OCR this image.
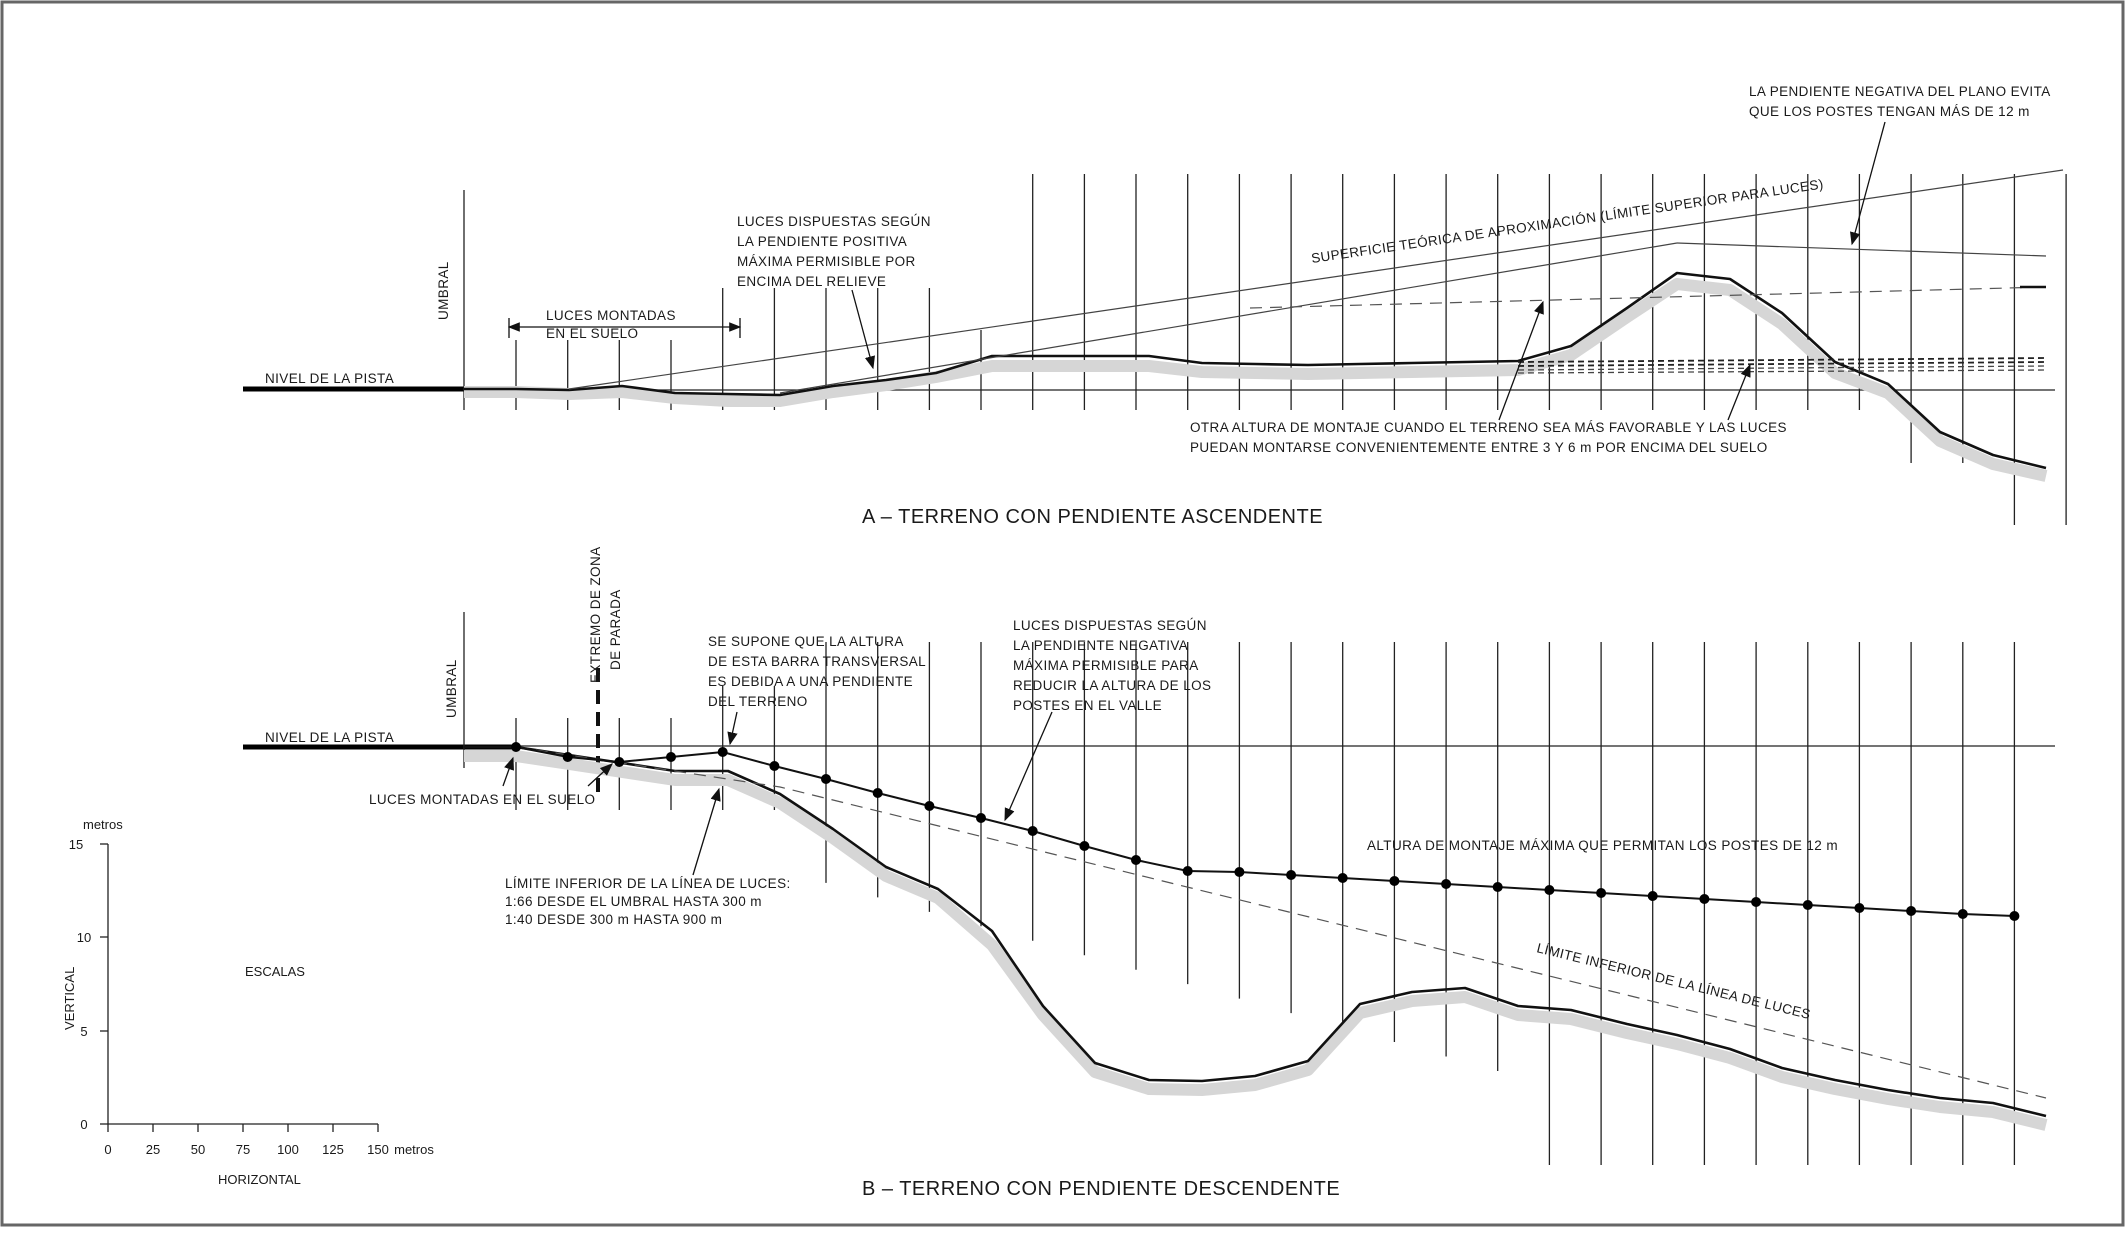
NIVEL DE LA PISTA
UMBRAL	LUCES MONTADAS
EN EL SUELO
LUCES DISPUESTAS SEGÚN
LA PENDIENTE POSITIVA
MÁXIMA PERMISIBLE POR
ENCIMA DEL RELIEVE
SUPERFICIE TEÓRICA DE APROXIMACIÓN (LÍMITE SUPERIOR PARA LUCES)
LA PENDIENTE NEGATIVA DEL PLANO EVITA
QUE LOS POSTES TENGAN MÁS DE 12 m
OTRA ALTURA DE MONTAJE CUANDO EL TERRENO SEA MÁS FAVORABLE Y LAS LUCES
PUEDAN MONTARSE CONVENIENTEMENTE ENTRE 3 Y 6 m POR ENCIMA DEL SUELO
A – TERRENO CON PENDIENTE ASCENDENTE
NIVEL DE LA PISTA
UMBRAL
EXTREMO DE ZONA DE PARADA	SE SUPONE QUE LA ALTURA
DE ESTA BARRA TRANSVERSAL
ES DEBIDA A UNA PENDIENTE
DEL TERRENO
LUCES DISPUESTAS SEGÚN
LA PENDIENTE NEGATIVA
MÁXIMA PERMISIBLE PARA
REDUCIR LA ALTURA DE LOS
POSTES EN EL VALLE
LUCES MONTADAS EN EL SUELO
LÍMITE INFERIOR DE LA LÍNEA DE LUCES:
1:66 DESDE EL UMBRAL HASTA 300 m
1:40 DESDE 300 m HASTA 900 m
ALTURA DE MONTAJE MÁXIMA QUE PERMITAN LOS POSTES DE 12 m
LÍMITE INFERIOR DE LA LÍNEA DE LUCES
B – TERRENO CON PENDIENTE DESCENDENTE
metros
15
10
5
0
VERTICAL	ESCALAS
0	25 50 75 100 125 150 metros
HORIZONTAL
